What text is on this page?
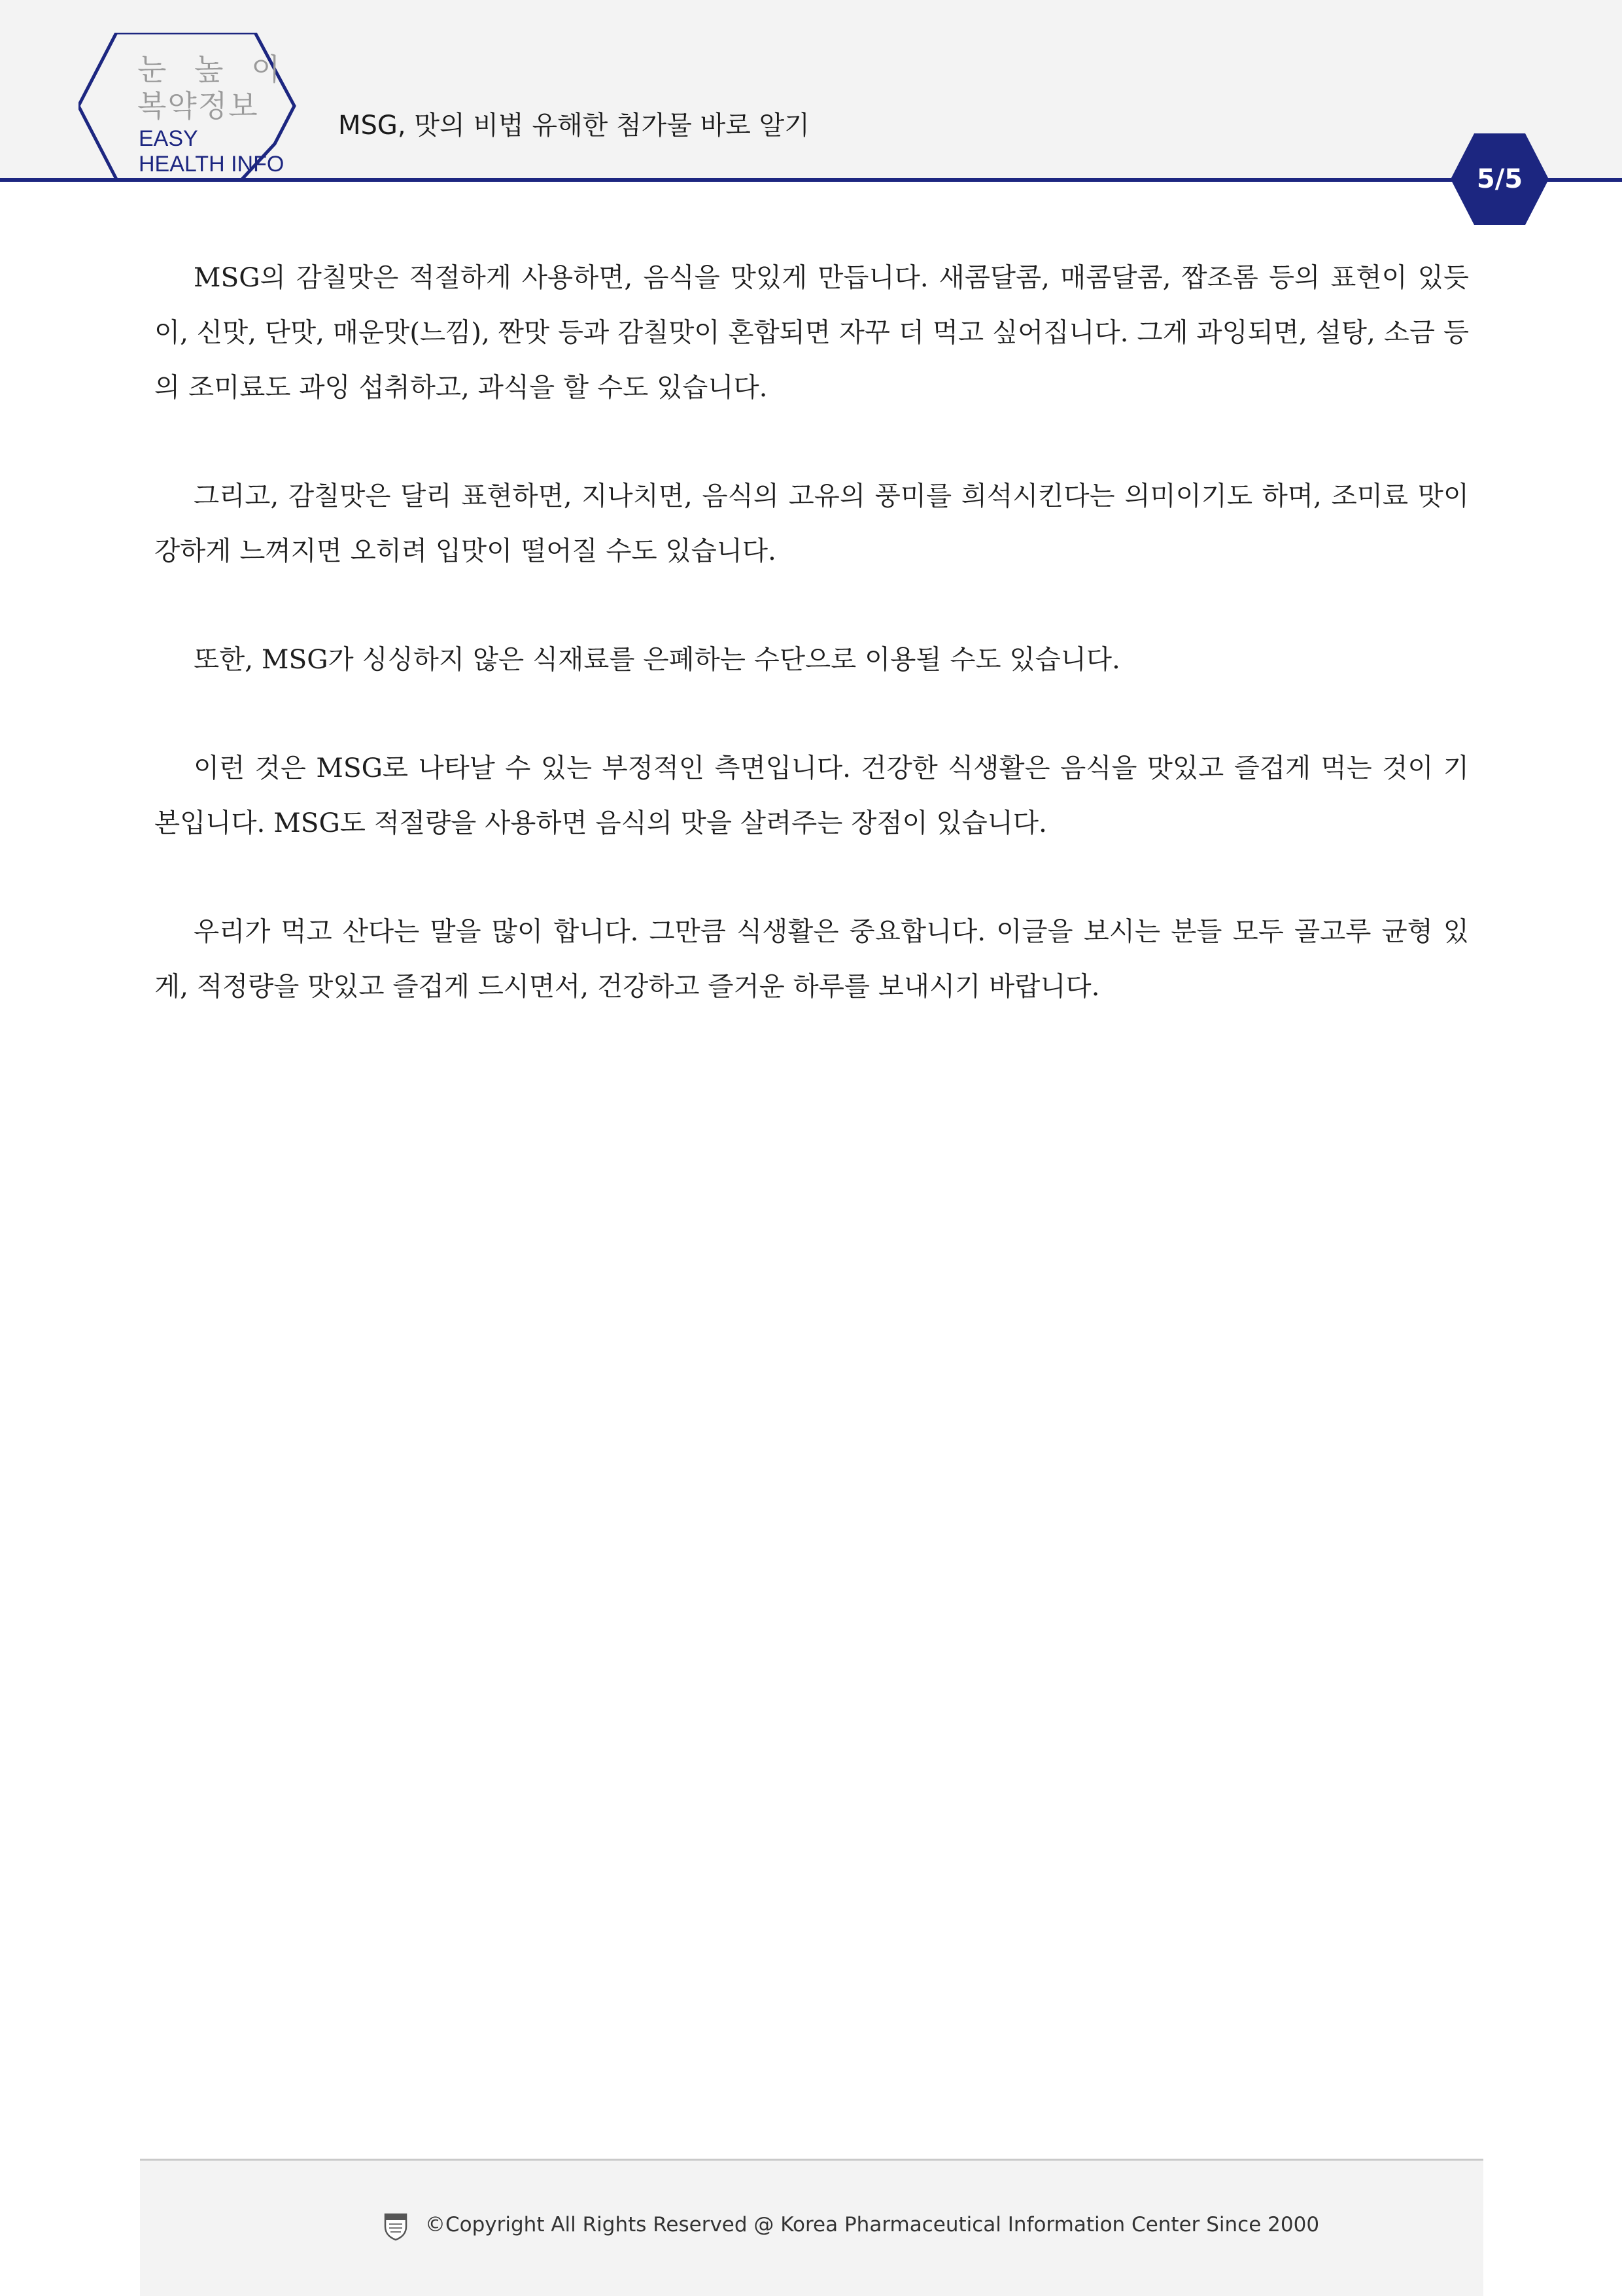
눈 높 이
복약정보
EASY
HEALTH INFO
MSG, 맛의 비법 유해한 첨가물 바로 알기
5/5

MSG의 감칠맛은 적절하게 사용하면, 음식을 맛있게 만듭니다. 새콤달콤, 매콤달콤, 짭조롬 등의 표현이 있듯이, 신맛, 단맛, 매운맛(느낌), 짠맛 등과 감칠맛이 혼합되면 자꾸 더 먹고 싶어집니다. 그게 과잉되면, 설탕, 소금 등의 조미료도 과잉 섭취하고, 과식을 할 수도 있습니다.

그리고, 감칠맛은 달리 표현하면, 지나치면, 음식의 고유의 풍미를 희석시킨다는 의미이기도 하며, 조미료 맛이 강하게 느껴지면 오히려 입맛이 떨어질 수도 있습니다.

또한, MSG가 싱싱하지 않은 식재료를 은폐하는 수단으로 이용될 수도 있습니다.

이런 것은 MSG로 나타날 수 있는 부정적인 측면입니다. 건강한 식생활은 음식을 맛있고 즐겁게 먹는 것이 기본입니다. MSG도 적절량을 사용하면 음식의 맛을 살려주는 장점이 있습니다.

우리가 먹고 산다는 말을 많이 합니다. 그만큼 식생활은 중요합니다. 이글을 보시는 분들 모두 골고루 균형 있게, 적정량을 맛있고 즐겁게 드시면서, 건강하고 즐거운 하루를 보내시기 바랍니다.

©Copyright All Rights Reserved @ Korea Pharmaceutical Information Center Since 2000
